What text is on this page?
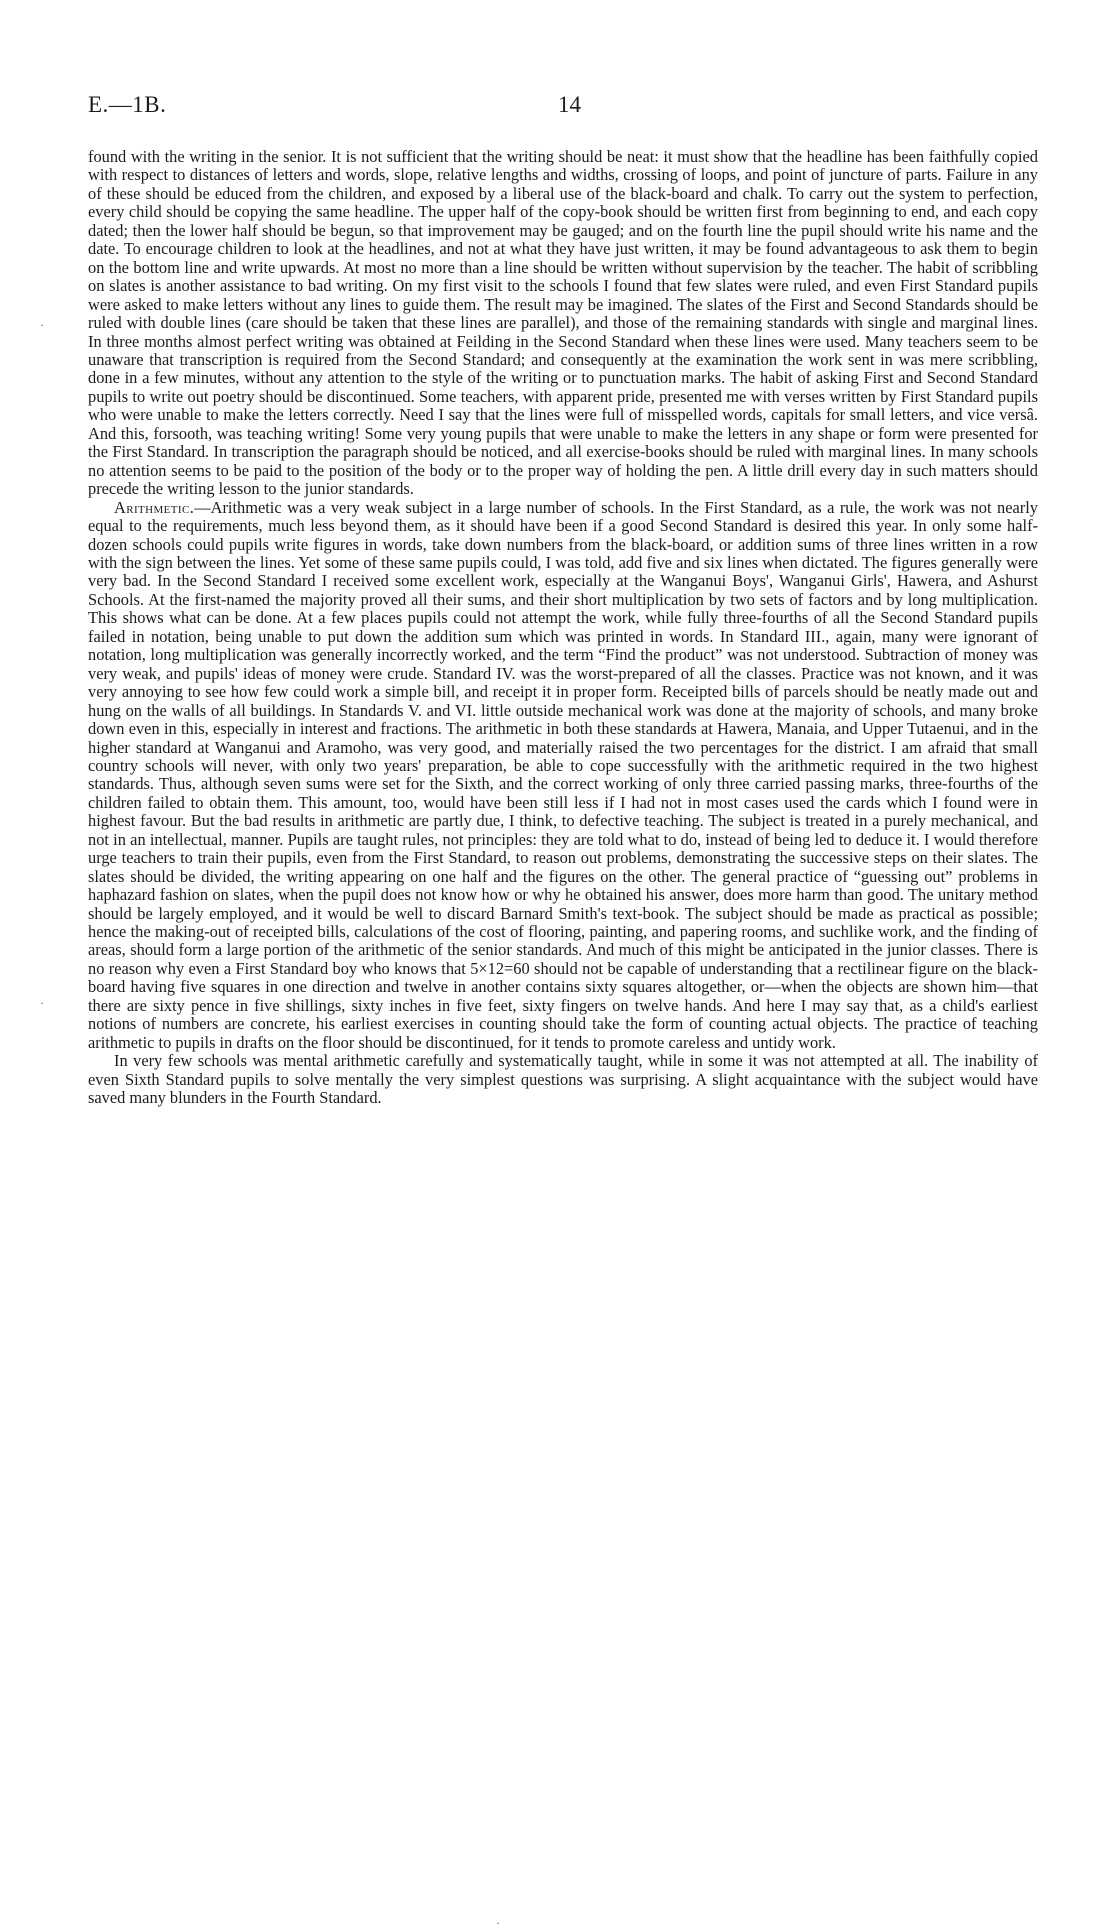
E.—1B.	14

found with the writing in the senior. It is not sufficient that the writing should be neat: it must show that the headline has been faithfully copied with respect to distances of letters and words, slope, relative lengths and widths, crossing of loops, and point of juncture of parts. Failure in any of these should be educed from the children, and exposed by a liberal use of the black-board and chalk. To carry out the system to perfection, every child should be copying the same headline. The upper half of the copy-book should be written first from beginning to end, and each copy dated; then the lower half should be begun, so that improvement may be gauged; and on the fourth line the pupil should write his name and the date. To encourage children to look at the headlines, and not at what they have just written, it may be found advantageous to ask them to begin on the bottom line and write upwards. At most no more than a line should be written without supervision by the teacher. The habit of scribbling on slates is another assistance to bad writing. On my first visit to the schools I found that few slates were ruled, and even First Standard pupils were asked to make letters without any lines to guide them. The result may be imagined. The slates of the First and Second Standards should be ruled with double lines (care should be taken that these lines are parallel), and those of the remaining standards with single and marginal lines. In three months almost perfect writing was obtained at Feilding in the Second Standard when these lines were used. Many teachers seem to be unaware that transcription is required from the Second Standard; and consequently at the examination the work sent in was mere scribbling, done in a few minutes, without any attention to the style of the writing or to punctuation marks. The habit of asking First and Second Standard pupils to write out poetry should be discontinued. Some teachers, with apparent pride, presented me with verses written by First Standard pupils who were unable to make the letters correctly. Need I say that the lines were full of misspelled words, capitals for small letters, and vice versâ. And this, forsooth, was teaching writing! Some very young pupils that were unable to make the letters in any shape or form were presented for the First Standard. In transcription the paragraph should be noticed, and all exercise-books should be ruled with marginal lines. In many schools no attention seems to be paid to the position of the body or to the proper way of holding the pen. A little drill every day in such matters should precede the writing lesson to the junior standards.

Arithmetic.—Arithmetic was a very weak subject in a large number of schools. In the First Standard, as a rule, the work was not nearly equal to the requirements, much less beyond them, as it should have been if a good Second Standard is desired this year. In only some half-dozen schools could pupils write figures in words, take down numbers from the black-board, or addition sums of three lines written in a row with the sign between the lines. Yet some of these same pupils could, I was told, add five and six lines when dictated. The figures generally were very bad. In the Second Standard I received some excellent work, especially at the Wanganui Boys', Wanganui Girls', Hawera, and Ashurst Schools. At the first-named the majority proved all their sums, and their short multiplication by two sets of factors and by long multiplication. This shows what can be done. At a few places pupils could not attempt the work, while fully three-fourths of all the Second Standard pupils failed in notation, being unable to put down the addition sum which was printed in words. In Standard III., again, many were ignorant of notation, long multiplication was generally incorrectly worked, and the term “Find the product” was not understood. Subtraction of money was very weak, and pupils' ideas of money were crude. Standard IV. was the worst-prepared of all the classes. Practice was not known, and it was very annoying to see how few could work a simple bill, and receipt it in proper form. Receipted bills of parcels should be neatly made out and hung on the walls of all buildings. In Standards V. and VI. little outside mechanical work was done at the majority of schools, and many broke down even in this, especially in interest and fractions. The arithmetic in both these standards at Hawera, Manaia, and Upper Tutaenui, and in the higher standard at Wanganui and Aramoho, was very good, and materially raised the two percentages for the district. I am afraid that small country schools will never, with only two years' preparation, be able to cope successfully with the arithmetic required in the two highest standards. Thus, although seven sums were set for the Sixth, and the correct working of only three carried passing marks, three-fourths of the children failed to obtain them. This amount, too, would have been still less if I had not in most cases used the cards which I found were in highest favour. But the bad results in arithmetic are partly due, I think, to defective teaching. The subject is treated in a purely mechanical, and not in an intellectual, manner. Pupils are taught rules, not principles: they are told what to do, instead of being led to deduce it. I would therefore urge teachers to train their pupils, even from the First Standard, to reason out problems, demonstrating the successive steps on their slates. The slates should be divided, the writing appearing on one half and the figures on the other. The general practice of “guessing out” problems in haphazard fashion on slates, when the pupil does not know how or why he obtained his answer, does more harm than good. The unitary method should be largely employed, and it would be well to discard Barnard Smith's text-book. The subject should be made as practical as possible; hence the making-out of receipted bills, calculations of the cost of flooring, painting, and papering rooms, and suchlike work, and the finding of areas, should form a large portion of the arithmetic of the senior standards. And much of this might be anticipated in the junior classes. There is no reason why even a First Standard boy who knows that 5×12=60 should not be capable of understanding that a rectilinear figure on the black-board having five squares in one direction and twelve in another contains sixty squares altogether, or—when the objects are shown him—that there are sixty pence in five shillings, sixty inches in five feet, sixty fingers on twelve hands. And here I may say that, as a child's earliest notions of numbers are concrete, his earliest exercises in counting should take the form of counting actual objects. The practice of teaching arithmetic to pupils in drafts on the floor should be discontinued, for it tends to promote careless and untidy work.

In very few schools was mental arithmetic carefully and systematically taught, while in some it was not attempted at all. The inability of even Sixth Standard pupils to solve mentally the very simplest questions was surprising. A slight acquaintance with the subject would have saved many blunders in the Fourth Standard.

·
·
·
